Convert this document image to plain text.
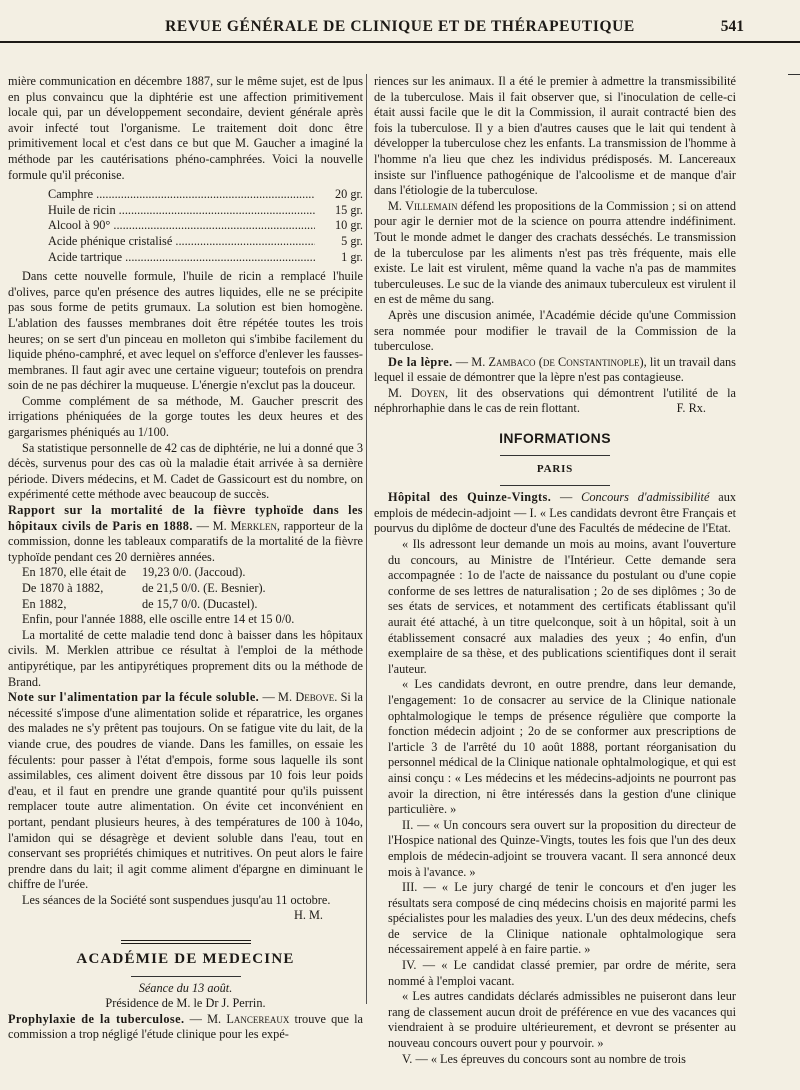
REVUE GÉNÉRALE DE CLINIQUE ET DE THÉRAPEUTIQUE	541

mière communication en décembre 1887, sur le même sujet, est de lpus en plus convaincu que la diphtérie est une affection primitivement locale qui, par un développement secondaire, devient générale après avoir infecté tout l'organisme. Le traitement doit donc être primitivement local et c'est dans ce but que M. Gaucher a imaginé la méthode par les cautérisations phéno-camphrées. Voici la nouvelle formule qu'il préconise.

Camphre .....	20 gr.
Huile de ricin .....	15 gr.
Alcool à 90° .....	10 gr.
Acide phénique cristalisé .....	5 gr.
Acide tartrique .....	1 gr.

Dans cette nouvelle formule, l'huile de ricin a remplacé l'huile d'olives, parce qu'en présence des autres liquides, elle ne se précipite pas sous forme de petits grumaux. La solution est bien homogène. L'ablation des fausses membranes doit être répétée toutes les trois heures; on se sert d'un pinceau en molleton qui s'imbibe facilement du liquide phéno-camphré, et avec lequel on s'efforce d'enlever les fausses-membranes. Il faut agir avec une certaine vigueur; toutefois on prendra soin de ne pas déchirer la muqueuse. L'énergie n'exclut pas la douceur.

Comme complément de sa méthode, M. Gaucher prescrit des irrigations phéniquées de la gorge toutes les deux heures et des gargarismes phéniqués au 1/100.

Sa statistique personnelle de 42 cas de diphtérie, ne lui a donné que 3 décès, survenus pour des cas où la maladie était arrivée à sa dernière période. Divers médecins, et M. Cadet de Gassicourt est du nombre, on expérimenté cette méthode avec beaucoup de succès.

Rapport sur la mortalité de la fièvre typhoïde dans les hôpitaux civils de Paris en 1888. — M. Merklen, rapporteur de la commission, donne les tableaux comparatifs de la mortalité de la fièvre typhoïde pendant ces 20 dernières années.

En 1870, elle était de	19,23 0/0. (Jaccoud).
De 1870 à 1882,	de 21,5 0/0. (E. Besnier).
En 1882,	de 15,7 0/0. (Ducastel).

Enfin, pour l'année 1888, elle oscille entre 14 et 15 0/0.

La mortalité de cette maladie tend donc à baisser dans les hôpitaux civils. M. Merklen attribue ce résultat à l'emploi de la méthode antipyrétique, par les antipyrétiques proprement dits ou la méthode de Brand.

Note sur l'alimentation par la fécule soluble. — M. Debove. Si la nécessité s'impose d'une alimentation solide et réparatrice, les organes des malades ne s'y prêtent pas toujours. On se fatigue vite du lait, de la viande crue, des poudres de viande. Dans les familles, on essaie les féculents: pour passer à l'état d'empois, forme sous laquelle ils sont assimilables, ces aliment doivent être dissous par 10 fois leur poids d'eau, et il faut en prendre une grande quantité pour qu'ils puissent remplacer toute autre alimentation. On évite cet inconvénient en portant, pendant plusieurs heures, à des températures de 100 à 104o, l'amidon qui se désagrège et devient soluble dans l'eau, tout en conservant ses propriétés chimiques et nutritives. On peut alors le faire prendre dans du lait; il agit comme aliment d'épargne en diminuant le chiffre de l'urée.

Les séances de la Société sont suspendues jusqu'au 11 octobre.

H. M.

ACADÉMIE DE MEDECINE

Séance du 13 août.

Présidence de M. le Dr J. Perrin.

Prophylaxie de la tuberculose. — M. Lancereaux trouve que la commission a trop négligé l'étude clinique pour les expé-

riences sur les animaux. Il a été le premier à admettre la transmissibilité de la tuberculose. Mais il fait observer que, si l'inoculation de celle-ci était aussi facile que le dit la Commission, il aurait contracté bien des fois la tuberculose. Il y a bien d'autres causes que le lait qui tendent à développer la tuberculose chez les enfants. La transmission de l'homme à l'homme n'a lieu que chez les individus prédisposés. M. Lancereaux insiste sur l'influence pathogénique de l'alcoolisme et de manque d'air dans l'étiologie de la tuberculose.

M. Villemain défend les propositions de la Commission ; si on attend pour agir le dernier mot de la science on pourra attendre indéfiniment. Tout le monde admet le danger des crachats desséchés. Le transmission de la tuberculose par les aliments n'est pas très fréquente, mais elle existe. Le lait est virulent, même quand la vache n'a pas de mammites tuberculeuses. Le suc de la viande des animaux tuberculeux est virulent il en est de même du sang.

Après une discusion animée, l'Académie décide qu'une Commission sera nommée pour modifier le travail de la Commission de la tuberculose.

De la lèpre. — M. Zambaco (de Constantinople), lit un travail dans lequel il essaie de démontrer que la lèpre n'est pas contagieuse.

M. Doyen, lit des observations qui démontrent l'utilité de la néphrorhaphie dans le cas de rein flottant.	F. Rx.

INFORMATIONS
PARIS

Hôpital des Quinze-Vingts. — Concours d'admissibilité aux emplois de médecin-adjoint — I. « Les candidats devront être Français et pourvus du diplôme de docteur d'une des Facultés de médecine de l'Etat.

« Ils adressont leur demande un mois au moins, avant l'ouverture du concours, au Ministre de l'Intérieur. Cette demande sera accompagnée : 1o de l'acte de naissance du postulant ou d'une copie conforme de ses lettres de naturalisation ; 2o de ses diplômes ; 3o de ses états de services, et notamment des certificats établissant qu'il aurait été attaché, à un titre quelconque, soit à un hôpital, soit à un établissement consacré aux maladies des yeux ; 4o enfin, d'un exemplaire de sa thèse, et des publications scientifiques dont il serait l'auteur.

« Les candidats devront, en outre prendre, dans leur demande, l'engagement: 1o de consacrer au service de la Clinique nationale ophtalmologique le temps de présence régulière que comporte la fonction médecin adjoint ; 2o de se conformer aux prescriptions de l'article 3 de l'arrêté du 10 août 1888, portant réorganisation du personnel médical de la Clinique nationale ophtalmologique, et qui est ainsi conçu : « Les médecins et les médecins-adjoints ne pourront pas avoir la direction, ni être intéressés dans la gestion d'une clinique particulière. »

II. — « Un concours sera ouvert sur la proposition du directeur de l'Hospice national des Quinze-Vingts, toutes les fois que l'un des deux emplois de médecin-adjoint se trouvera vacant. Il sera annoncé deux mois à l'avance. »

III. — « Le jury chargé de tenir le concours et d'en juger les résultats sera composé de cinq médecins choisis en majorité parmi les spécialistes pour les maladies des yeux. L'un des deux médecins, chefs de service de la Clinique nationale ophtalmologique sera nécessairement appelé à en faire partie. »

IV. — « Le candidat classé premier, par ordre de mérite, sera nommé à l'emploi vacant.

« Les autres candidats déclarés admissibles ne puiseront dans leur rang de classement aucun droit de préférence en vue des vacances qui viendraient à se produire ultérieurement, et devront se présenter au nouveau concours ouvert pour y pourvoir. »

V. — « Les épreuves du concours sont au nombre de trois
